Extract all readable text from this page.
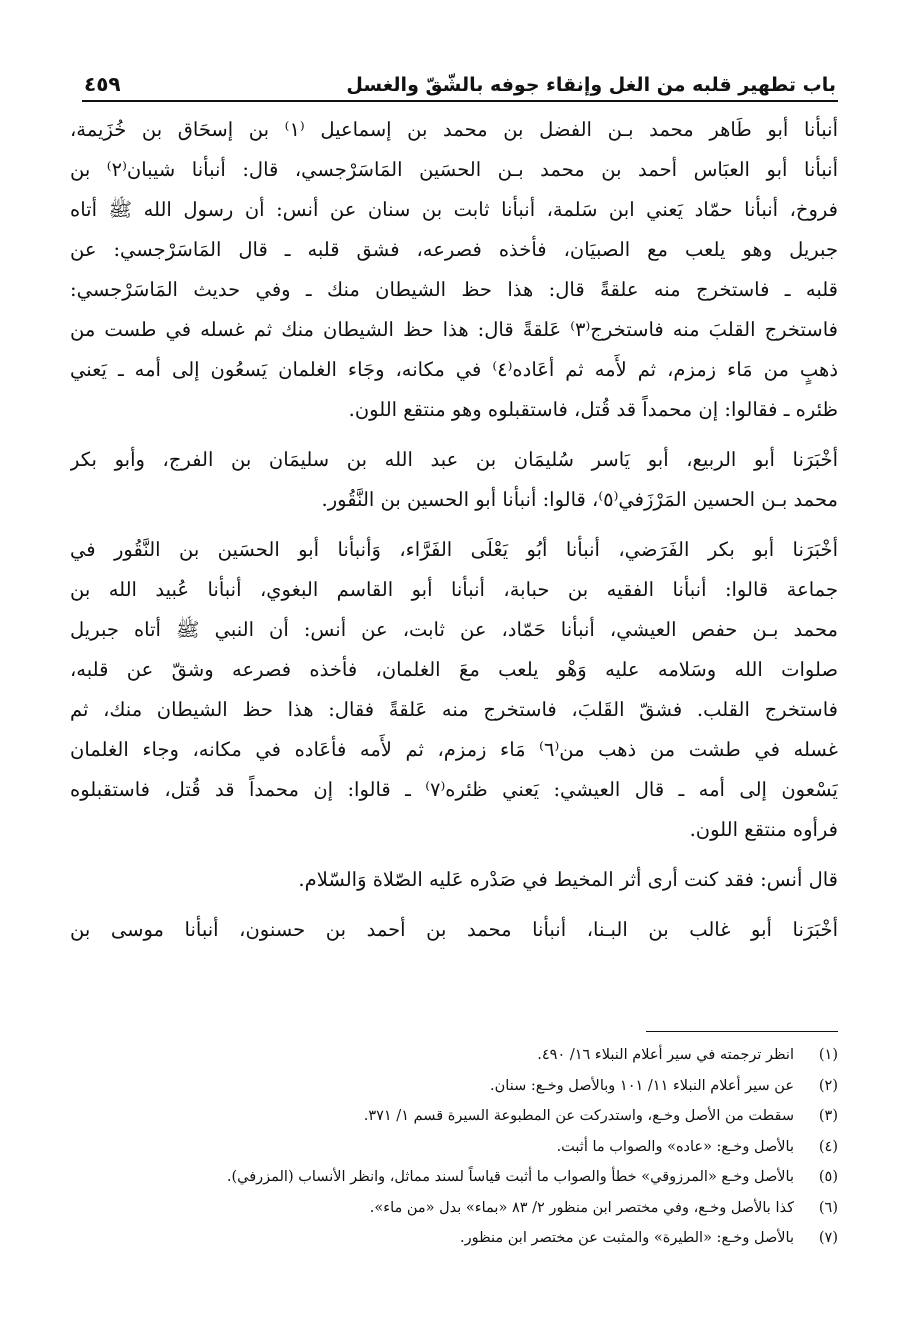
٤٥٩	باب تطهير قلبه من الغل وإنقاء جوفه بالشّقّ والغسل
أنبأنا أبو طَاهر محمد بـن الفضل بن محمد بن إسماعيل ⁽١⁾ بن إسحَاق بن خُزَيمة،
أنبأنا أبو العبَاس أحمد بن محمد بـن الحسَين المَاسَرْجسي، قال: أنبأنا شيبان⁽٢⁾ بن
فروخ، أنبأنا حمّاد يَعني ابن سَلمة، أنبأنا ثابت بن سنان عن أنس: أن رسول الله ﷺ أتاه
جبريل وهو يلعب مع الصبيَان، فأخذه فصرعه، فشق قلبه ـ قال المَاسَرْجسي: عن
قلبه ـ فاستخرج منه علقةً قال: هذا حظ الشيطان منك ـ وفي حديث المَاسَرْجسي:
فاستخرج القلبَ منه فاستخرج⁽٣⁾ عَلقةً قال: هذا حظ الشيطان منك ثم غسله في طست من
ذهبٍ من مَاء زمزم، ثم لأَمه ثم أعَاده⁽٤⁾ في مكانه، وجَاء الغلمان يَسعُون إلى أمه ـ يَعني
ظئره ـ فقالوا: إن محمداً قد قُتل، فاستقبلوه وهو منتقع اللون.
أخْبَرَنا أبو الربيع، أبو يَاسر سُليمَان بن عبد الله بن سليمَان بن الفرج، وأبو بكر
محمد بـن الحسين المَرْزَفي⁽٥⁾، قالوا: أنبأنا أبو الحسين بن النَّقُور.
أخْبَرَنا أبو بكر الفَرَضي، أنبأنا أبُو يَعْلَى الفَرَّاء، وَأنبأنا أبو الحسَين بن النَّقُور في
جماعة قالوا: أنبأنا الفقيه بن حبابة، أنبأنا أبو القاسم البغوي، أنبأنا عُبيد الله بن
محمد بـن حفص العيشي، أنبأنا حَمّاد، عن ثابت، عن أنس: أن النبي ﷺ أتاه جبريل
صلوات الله وسَلامه عليه وَهْو يلعب معَ الغلمان، فأخذه فصرعه وشقّ عن قلبه،
فاستخرج القلب. فشقّ القَلبَ، فاستخرج منه عَلقةً فقال: هذا حظ الشيطان منك، ثم
غسله في طشت من ذهب من⁽٦⁾ مَاء زمزم، ثم لأَمه فأعَاده في مكانه، وجاء الغلمان
يَسْعون إلى أمه ـ قال العيشي: يَعني ظئره⁽٧⁾ ـ قالوا: إن محمداً قد قُتل، فاستقبلوه
فرأوه منتقع اللون.
قال أنس: فقد كنت أرى أثر المخيط في صَدْره عَليه الصّلاة وَالسّلام.
أخْبَرَنا أبو غالب بن البـنا، أنبأنا محمد بن أحمد بن حسنون، أنبأنا موسى بن
(١)انظر ترجمته في سير أعلام النبلاء ١٦/ ٤٩٠.
(٢)عن سير أعلام النبلاء ١١/ ١٠١ وبالأصل وخـع: سنان.
(٣)سقطت من الأصل وخـع، واستدركت عن المطبوعة السيرة قسم ١/ ٣٧١.
(٤)بالأصل وخـع: «عاده» والصواب ما أثبت.
(٥)بالأصل وخـع «المرزوقي» خطأ والصواب ما أثبت قياساً لسند مماثل، وانظر الأنساب (المزرفي).
(٦)كذا بالأصل وخـع، وفي مختصر ابن منظور ٢/ ٨٣ «بماء» بدل «من ماء».
(٧)بالأصل وخـع: «الطيرة» والمثبت عن مختصر ابن منظور.
